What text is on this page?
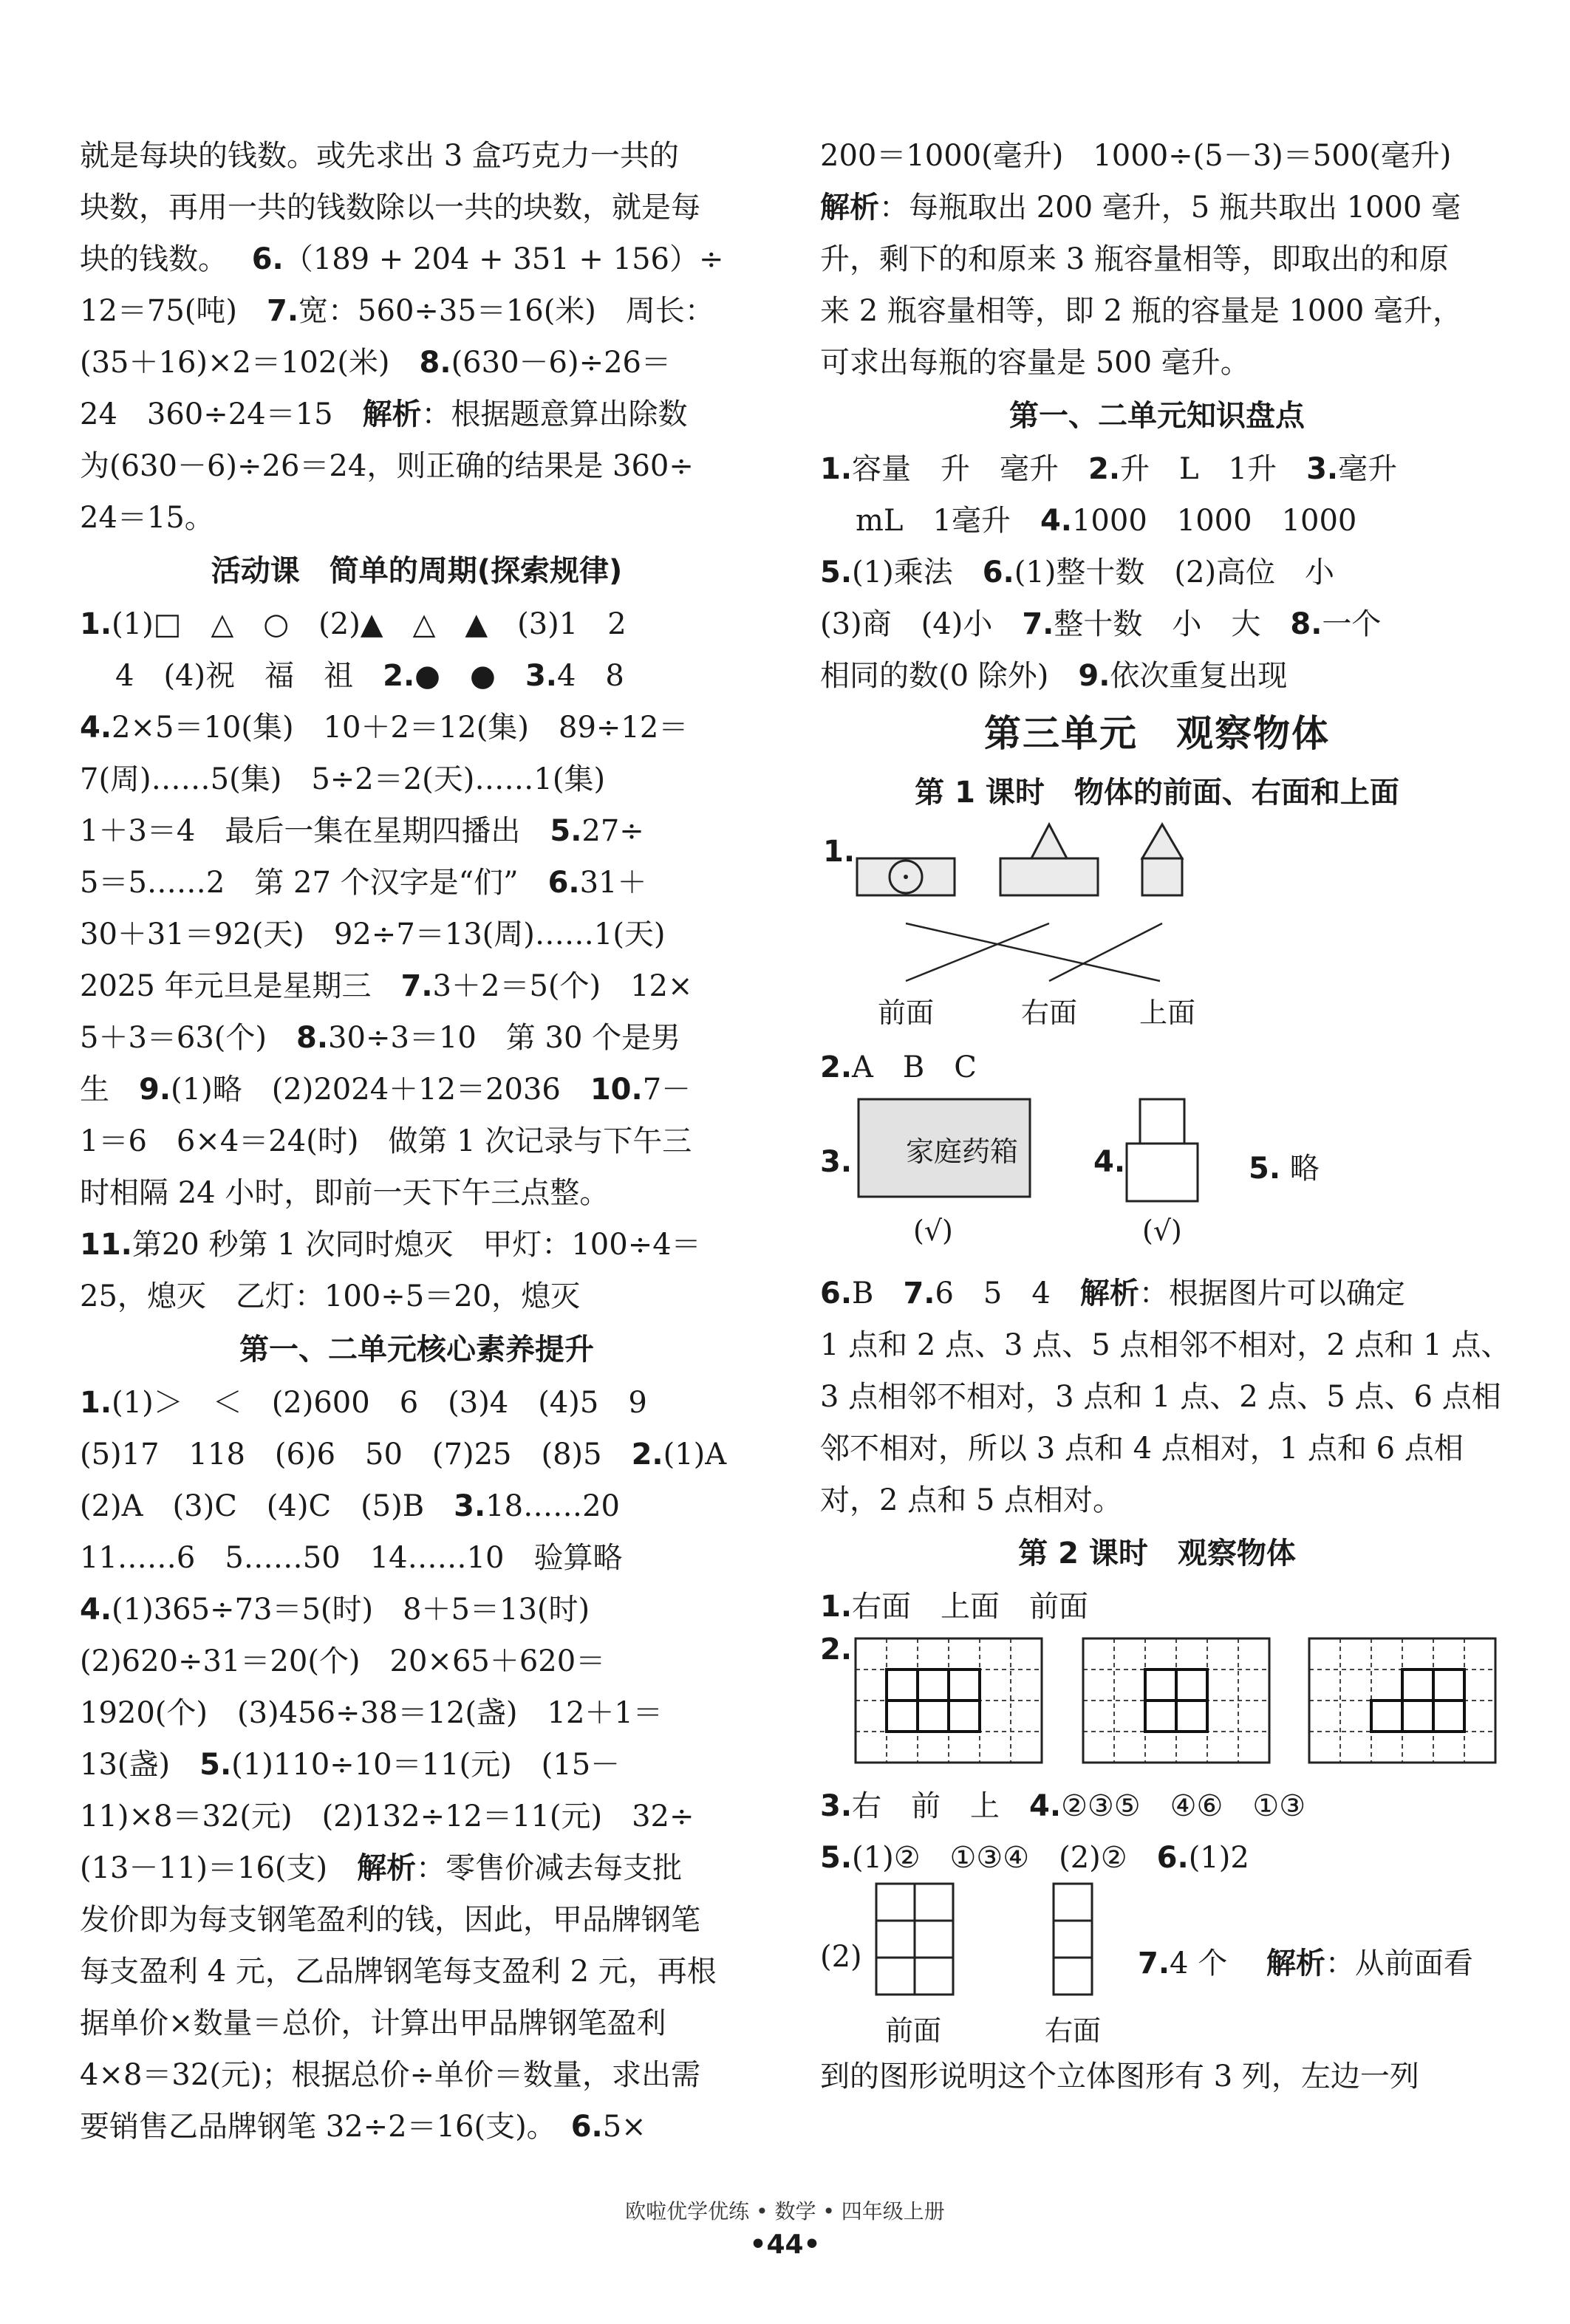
就是每块的钱数。或先求出 3 盒巧克力一共的
块数，再用一共的钱数除以一共的块数，就是每
块的钱数。　 6.（189 + 204 + 351 + 156）÷
12＝75(吨)　 7.宽：560÷35＝16(米)　周长：
(35＋16)×2＝102(米)　 8.(630－6)÷26＝
24　360÷24＝15　 解析：根据题意算出除数
为(630－6)÷26＝24，则正确的结果是 360÷
24＝15。
活动课　简单的周期(探索规律)
1.(1)□　△　○　(2)▲　△　▲　(3)1　2
4　(4)祝　福　祖　 2.●　●　 3.4　8
4.2×5＝10(集)　10＋2＝12(集)　89÷12＝
7(周)……5(集)　5÷2＝2(天)……1(集)
1＋3＝4　最后一集在星期四播出　 5.27÷
5＝5……2　第 27 个汉字是“们”　 6.31＋
30＋31＝92(天)　92÷7＝13(周)……1(天)
2025 年元旦是星期三　 7.3＋2＝5(个)　12×
5＋3＝63(个)　 8.30÷3＝10　第 30 个是男
生　 9.(1)略　(2)2024＋12＝2036　 10.7－
1＝6　6×4＝24(时)　做第 1 次记录与下午三
时相隔 24 小时，即前一天下午三点整。
11.第20 秒第 1 次同时熄灭　甲灯：100÷4＝
25，熄灭　乙灯：100÷5＝20，熄灭
第一、二单元核心素养提升
1.(1)＞　＜　(2)600　6　(3)4　(4)5　9
(5)17　118　(6)6　50　(7)25　(8)5　 2.(1)A
(2)A　(3)C　(4)C　(5)B　 3.18……20
11……6　5……50　14……10　验算略
4.(1)365÷73＝5(时)　8＋5＝13(时)
(2)620÷31＝20(个)　20×65＋620＝
1920(个)　(3)456÷38＝12(盏)　12＋1＝
13(盏)　 5.(1)110÷10＝11(元)　(15－
11)×8＝32(元)　(2)132÷12＝11(元)　32÷
(13－11)＝16(支)　 解析：零售价减去每支批
发价即为每支钢笔盈利的钱，因此，甲品牌钢笔
每支盈利 4 元，乙品牌钢笔每支盈利 2 元，再根
据单价×数量＝总价，计算出甲品牌钢笔盈利
4×8＝32(元)；根据总价÷单价＝数量，求出需
要销售乙品牌钢笔 32÷2＝16(支)。　 6.5×
200＝1000(毫升)　1000÷(5－3)＝500(毫升)
解析：每瓶取出 200 毫升，5 瓶共取出 1000 毫
升，剩下的和原来 3 瓶容量相等，即取出的和原
来 2 瓶容量相等，即 2 瓶的容量是 1000 毫升，
可求出每瓶的容量是 500 毫升。
第一、二单元知识盘点
1.容量　升　毫升　 2.升　L　1升　 3.毫升
mL　1毫升　 4.1000　1000　1000
5.(1)乘法　 6.(1)整十数　(2)高位　小
(3)商　(4)小　 7.整十数　小　大　 8.一个
相同的数(0 除外)　 9.依次重复出现
第三单元　观察物体
第 1 课时　物体的前面、右面和上面
1.
前面	右面 上面
2.A　B　C
3. 家庭药箱
(√)
4.
(√)
5. 略
6.B　 7.6　5　4　 解析：根据图片可以确定
1 点和 2 点、3 点、5 点相邻不相对，2 点和 1 点、
3 点相邻不相对，3 点和 1 点、2 点、5 点、6 点相
邻不相对，所以 3 点和 4 点相对，1 点和 6 点相
对，2 点和 5 点相对。
第 2 课时　观察物体
1.右面　上面　前面
2.
3.右　前　上　 4.②③⑤　④⑥　①③
5.(1)②　①③④　(2)②　 6.(1)2
(2)
前面	右面
7.4 个　 解析：从前面看
到的图形说明这个立体图形有 3 列，左边一列
欧啦优学优练 • 数学 • 四年级上册
•44•
